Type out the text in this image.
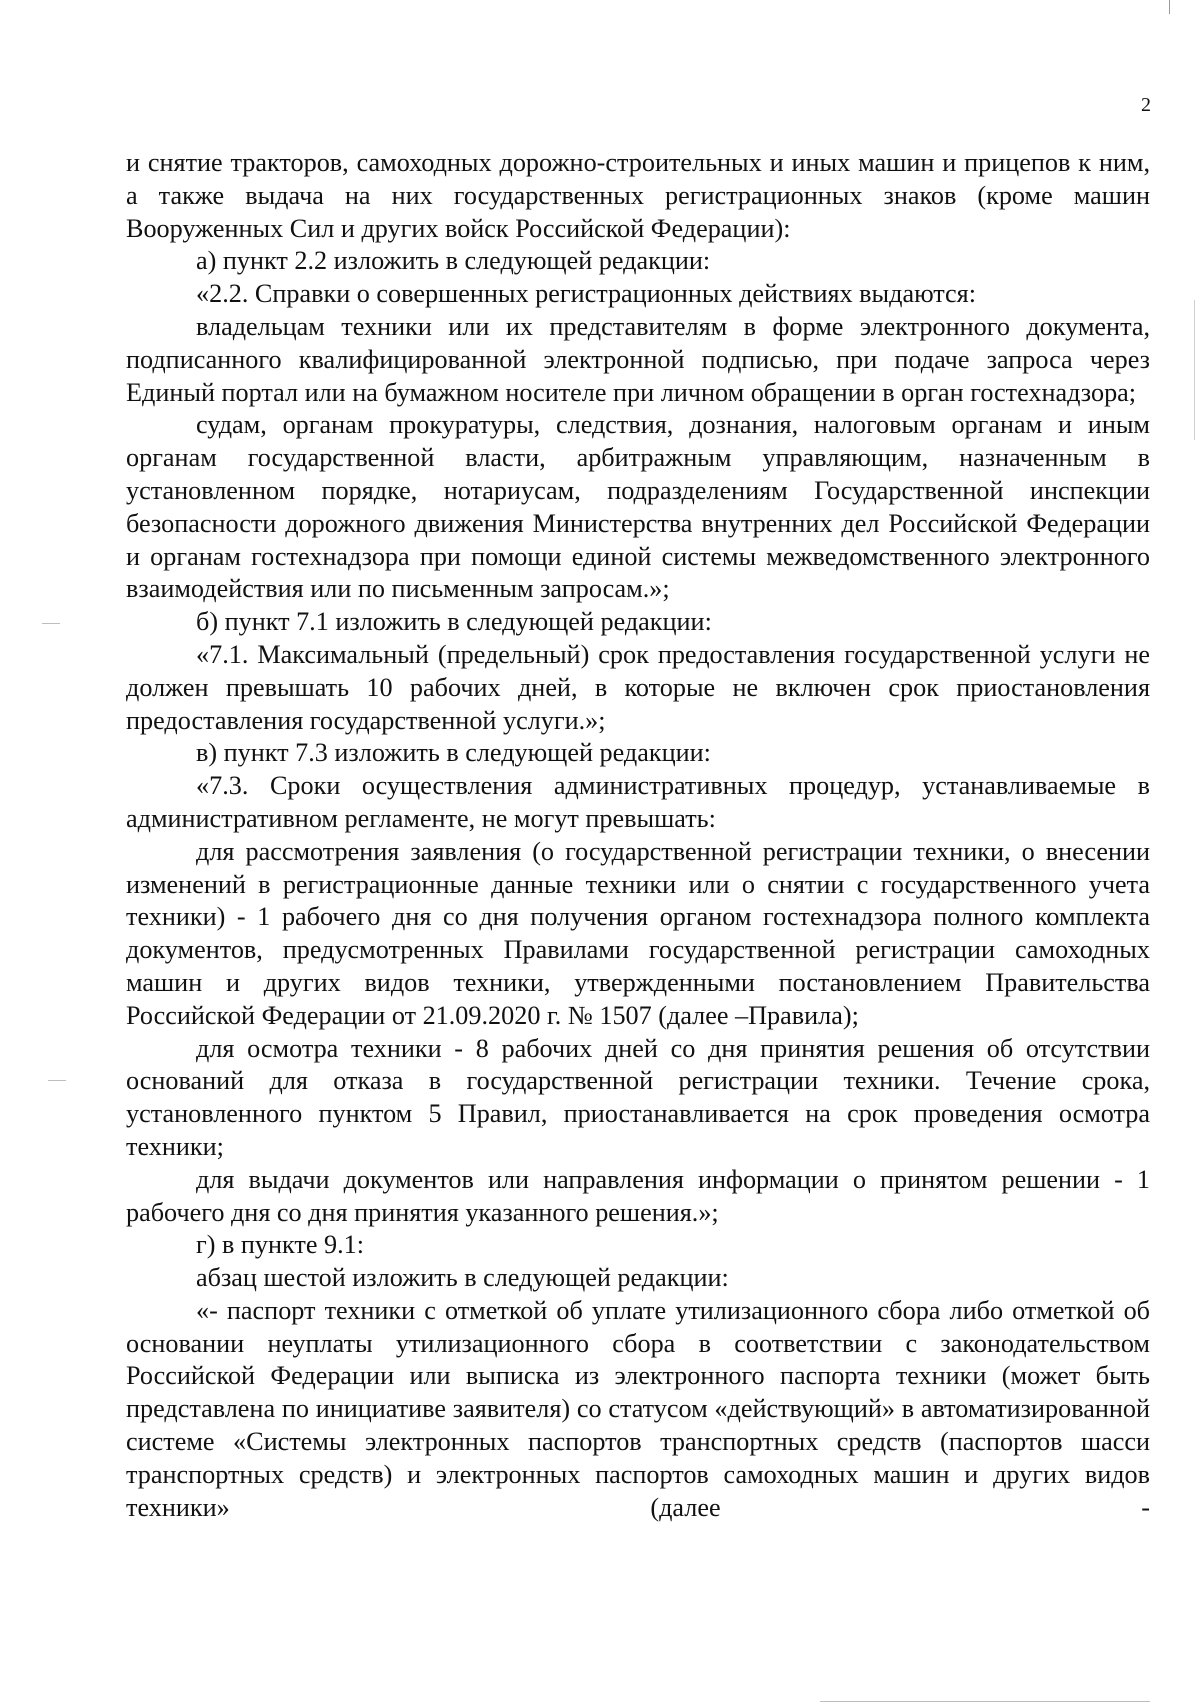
2

и снятие тракторов, самоходных дорожно-строительных и иных машин и прицепов к ним, а также выдача на них государственных регистрационных знаков (кроме машин Вооруженных Сил и других войск Российской Федерации):

а) пункт 2.2 изложить в следующей редакции:

«2.2. Справки о совершенных регистрационных действиях выдаются:

владельцам техники или их представителям в форме электронного документа, подписанного квалифицированной электронной подписью, при подаче запроса через Единый портал или на бумажном носителе при личном обращении в орган гостехнадзора;

судам, органам прокуратуры, следствия, дознания, налоговым органам и иным органам государственной власти, арбитражным управляющим, назначенным в установленном порядке, нотариусам, подразделениям Государственной инспекции безопасности дорожного движения Министерства внутренних дел Российской Федерации и органам гостехнадзора при помощи единой системы межведомственного электронного взаимодействия или по письменным запросам.»;

б) пункт 7.1 изложить в следующей редакции:

«7.1. Максимальный (предельный) срок предоставления государственной услуги не должен превышать 10 рабочих дней, в которые не включен срок приостановления предоставления государственной услуги.»;

в) пункт 7.3 изложить в следующей редакции:

«7.3. Сроки осуществления административных процедур, устанавливаемые в административном регламенте, не могут превышать:

для рассмотрения заявления (о государственной регистрации техники, о внесении изменений в регистрационные данные техники или о снятии с государственного учета техники) - 1 рабочего дня со дня получения органом гостехнадзора полного комплекта документов, предусмотренных Правилами государственной регистрации самоходных машин и других видов техники, утвержденными постановлением Правительства Российской Федерации от 21.09.2020 г. № 1507 (далее –Правила);

для осмотра техники - 8 рабочих дней со дня принятия решения об отсутствии оснований для отказа в государственной регистрации техники. Течение срока, установленного пунктом 5 Правил, приостанавливается на срок проведения осмотра техники;

для выдачи документов или направления информации о принятом решении - 1 рабочего дня со дня принятия указанного решения.»;

г) в пункте 9.1:

абзац шестой изложить в следующей редакции:

«- паспорт техники с отметкой об уплате утилизационного сбора либо отметкой об основании неуплаты утилизационного сбора в соответствии с законодательством Российской Федерации или выписка из электронного паспорта техники (может быть представлена по инициативе заявителя) со статусом «действующий» в автоматизированной системе «Системы электронных паспортов транспортных средств (паспортов шасси транспортных средств) и электронных паспортов самоходных машин и других видов техники» (далее -
